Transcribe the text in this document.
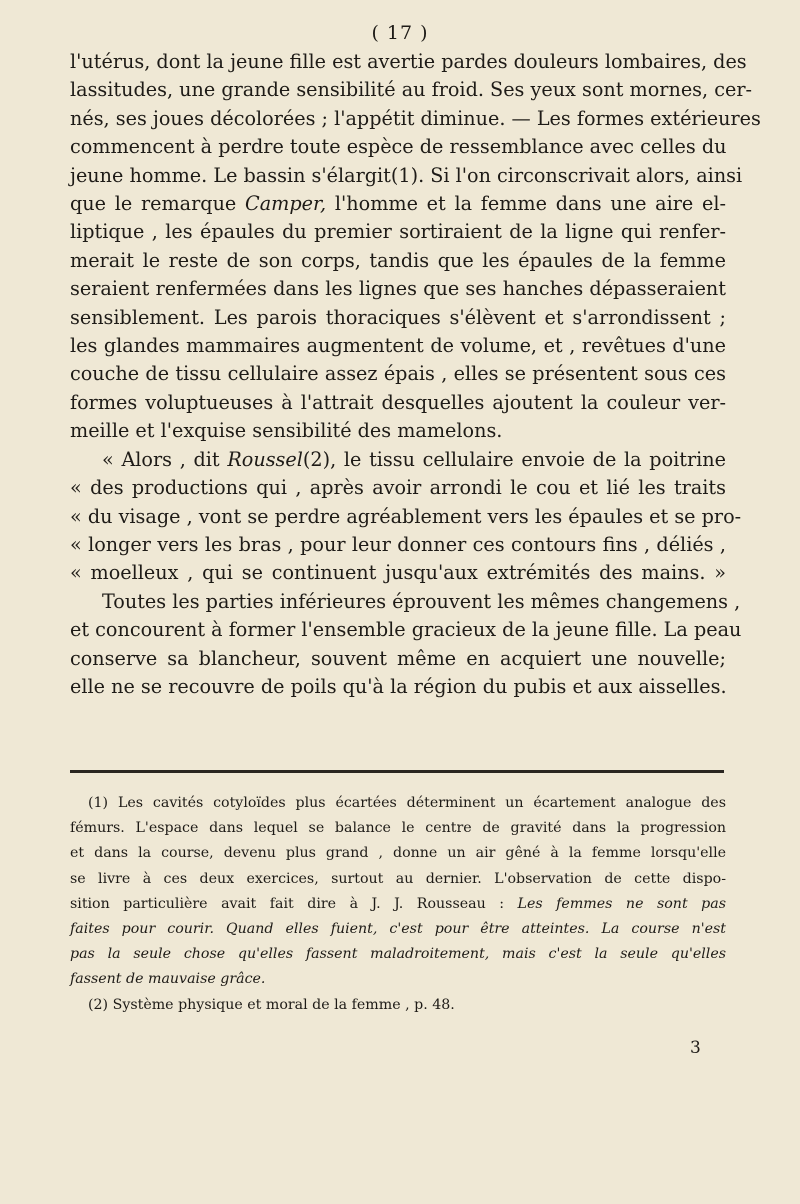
( 17 )
l'utérus, dont la jeune fille est avertie pardes douleurs lombaires, des
lassitudes, une grande sensibilité au froid. Ses yeux sont mornes, cer-
nés, ses joues décolorées ; l'appétit diminue. — Les formes extérieures
commencent à perdre toute espèce de ressemblance avec celles du
jeune homme. Le bassin s'élargit(1). Si l'on circonscrivait alors, ainsi
que le remarque Camper, l'homme et la femme dans une aire el-
liptique , les épaules du premier sortiraient de la ligne qui renfer-
merait le reste de son corps, tandis que les épaules de la femme
seraient renfermées dans les lignes que ses hanches dépasseraient
sensiblement. Les parois thoraciques s'élèvent et s'arrondissent ;
les glandes mammaires augmentent de volume, et , revêtues d'une
couche de tissu cellulaire assez épais , elles se présentent sous ces
formes voluptueuses à l'attrait desquelles ajoutent la couleur ver-
meille et l'exquise sensibilité des mamelons.
« Alors , dit Roussel(2), le tissu cellulaire envoie de la poitrine
« des productions qui , après avoir arrondi le cou et lié les traits
« du visage , vont se perdre agréablement vers les épaules et se pro-
« longer vers les bras , pour leur donner ces contours fins , déliés ,
« moelleux , qui se continuent jusqu'aux extrémités des mains. »
Toutes les parties inférieures éprouvent les mêmes changemens ,
et concourent à former l'ensemble gracieux de la jeune fille. La peau
conserve sa blancheur, souvent même en acquiert une nouvelle;
elle ne se recouvre de poils qu'à la région du pubis et aux aisselles.
(1) Les cavités cotyloïdes plus écartées déterminent un écartement analogue des
fémurs. L'espace dans lequel se balance le centre de gravité dans la progression
et dans la course, devenu plus grand , donne un air gêné à la femme lorsqu'elle
se livre à ces deux exercices, surtout au dernier. L'observation de cette dispo-
sition particulière avait fait dire à J. J. Rousseau : Les femmes ne sont pas
faites pour courir. Quand elles fuient, c'est pour être atteintes. La course n'est
pas la seule chose qu'elles fassent maladroitement, mais c'est la seule qu'elles
fassent de mauvaise grâce.
(2) Système physique et moral de la femme , p. 48.
3
